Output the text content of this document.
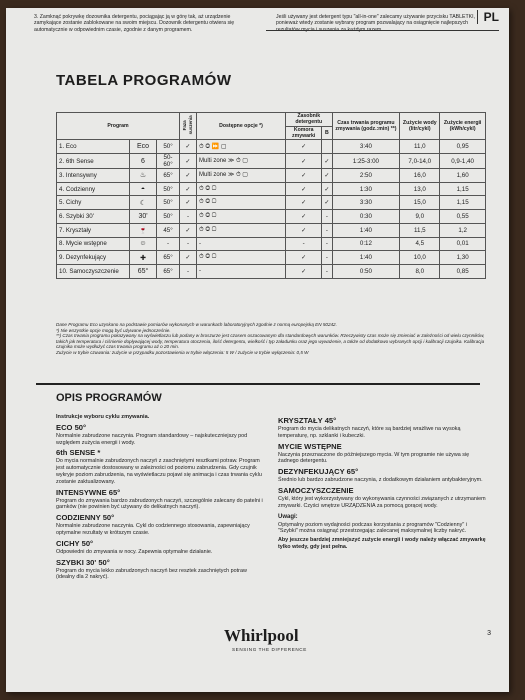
3. Zamknąć pokrywkę dozownika detergentu, pociągając ją w górę tak, aż urządzenie zamykające zostanie zablokowane na swoim miejscu. Dozownik detergentu otwiera się automatycznie w odpowiednim czasie, zgodnie z danym programem.
Jeśli używany jest detergent typu "all-in-one" zalecamy używanie przycisku TABLETKI, ponieważ wtedy zostanie wybrany program pozwalający na osiągnięcie najlepszych rezultatów mycia i suszenia za każdym razem.
PL
TABELA PROGRAMÓW
Program			Faza suszenia	Dostępne opcje *)	Zasobnik detergentu		Czas trwania programu zmywania (godz.:min) **)	Zużycie wody (litr/cykl)	Zużycie energii (kWh/cykl)
					Komora zmywarki	B			
1. Eco	Eco	50°	✓	⏱ ◎ ⏩ ▢	✓		3:40	11,0	0,95
2. 6th Sense	6	50-60°	✓	Multi zone ≫ ⏱ ▢	✓	✓	1:25-3:00	7,0-14,0	0,9-1,40
3. Intensywny	♨	65°	✓	Multi zone ≫ ⏱ ▢	✓	✓	2:50	16,0	1,60
4. Codzienny	◓	50°	✓	⏱ ◎ ▢	✓	✓	1:30	13,0	1,15
5. Cichy	☾	50°	✓	⏱ ◎ ▢	✓	✓	3:30	15,0	1,15
6. Szybki 30'	30'	50°	-	⏱ ◎ ▢	✓	-	0:30	9,0	0,55
7. Kryształy	🍷	45°	✓	⏱ ◎ ▢	✓	-	1:40	11,5	1,2
8. Mycie wstępne	☺	-	-	-	-	-	0:12	4,5	0,01
9. Dezynfekujący	✚	65°	✓	⏱ ◎ ▢	✓	-	1:40	10,0	1,30
10. Samoczyszczenie	65°	65°	-	-	✓	-	0:50	8,0	0,85
Dane Programu Eco uzyskano na podstawie pomiarów wykonanych w warunkach laboratoryjnych zgodnie z normą europejską EN 50242.
*) Nie wszystkie opcje mogą być używane jednocześnie.
**) Czas trwania programu pokazywany na wyświetlaczu lub podany w broszurze jest czasem oszacowanym dla standardowych warunków. Rzeczywisty czas może się zmieniać w zależności od wielu czynników, takich jak temperatura i ciśnienie dopływającej wody, temperatura otoczenia, ilość detergentu, wielkość i typ załadunku oraz jego wyważenie, a także od dodatkowo wybranych opcji i kalibracji czujnika. Kalibracja czujnika może wydłużyć czas trwania programu aż o 20 min.
Zużycie w trybie czuwania: zużycie w przypadku pozostawienia w trybie włączenia: 5 W / zużycie w trybie wyłączenia: 0,5 W
OPIS PROGRAMÓW

Instrukcje wyboru cyklu zmywania.

ECO 50°

Normalnie zabrudzone naczynia. Program standardowy – najskuteczniejszy pod względem zużycia energii i wody.

6th SENSE *

Do mycia normalnie zabrudzonych naczyń z zaschniętymi resztkami potraw. Program jest automatycznie dostosowany w zależności od poziomu zabrudzenia. Gdy czujnik wykryje poziom zabrudzenia, na wyświetlaczu pojawi się animacja i czas trwania cyklu zostanie zaktualizowany.

INTENSYWNE 65°

Program do zmywania bardzo zabrudzonych naczyń, szczególnie zalecany do patelni i garnków (nie powinien być używany do delikatnych naczyń).

CODZIENNY 50°

Normalnie zabrudzone naczynia. Cykl do codziennego stosowania, zapewniający optymalne rezultaty w krótszym czasie.

CICHY 50°

Odpowiedni do zmywania w nocy. Zapewnia optymalne działanie.

SZYBKI 30' 50°

Program do mycia lekko zabrudzonych naczyń bez resztek zaschniętych potraw (idealny dla 2 nakryć).

KRYSZTAŁY 45°

Program do mycia delikatnych naczyń, które są bardziej wrażliwe na wysoką temperaturę, np. szklanki i kubeczki.

MYCIE WSTĘPNE

Naczynia przeznaczone do późniejszego mycia. W tym programie nie używa się żadnego detergentu.

DEZYNFEKUJĄCY 65°

Średnio lub bardzo zabrudzone naczynia, z dodatkowym działaniem antybakteryjnym.

SAMOCZYSZCZENIE

Cykl, który jest wykorzystywany do wykonywania czynności związanych z utrzymaniem zmywarki. Czyści wnętrze URZĄDZENIA za pomocą gorącej wody.

Uwagi:

Optymalny poziom wydajności podczas korzystania z programów "Codzienny" i "Szybki" można osiągnąć przestrzegając zalecanej maksymalnej liczby nakryć.

Aby jeszcze bardziej zmniejszyć zużycie energii i wody należy włączać zmywarkę tylko wtedy, gdy jest pełna.

Whirlpool
SENSING THE DIFFERENCE
3
